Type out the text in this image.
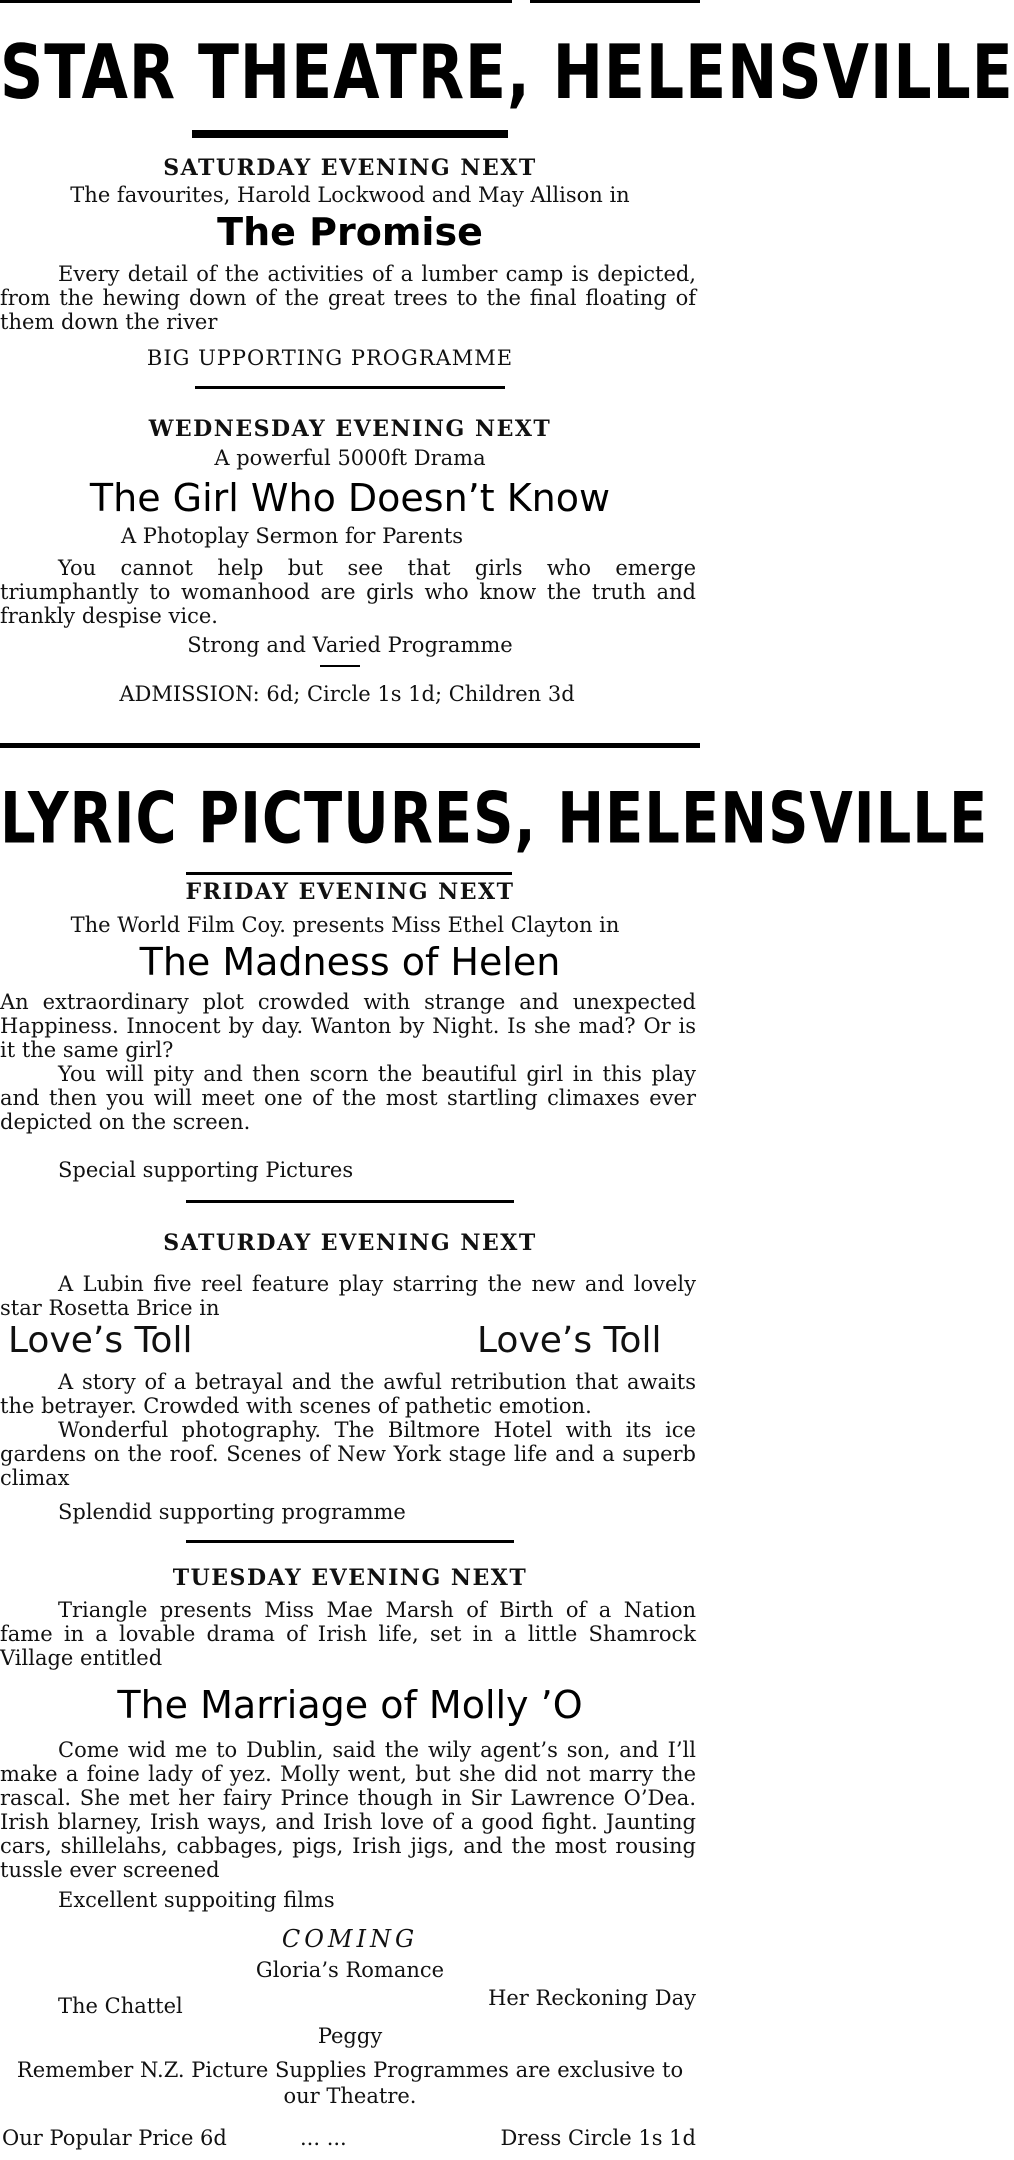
STAR THEATRE, HELENSVILLE
SATURDAY EVENING NEXT
The favourites, Harold Lockwood and May Allison in
The Promise
Every detail of the activities of a lumber camp is depicted, from the hewing down of the great trees to the final floating of them down the river
BIG UPPORTING PROGRAMME
WEDNESDAY EVENING NEXT
A powerful 5000ft Drama
The Girl Who Doesn’t Know
A Photoplay Sermon for Parents
You cannot help but see that girls who emerge triumphantly to womanhood are girls who know the truth and frankly despise vice.
Strong and Varied Programme
ADMISSION: 6d; Circle 1s 1d; Children 3d
LYRIC PICTURES, HELENSVILLE
FRIDAY EVENING NEXT
The World Film Coy. presents Miss Ethel Clayton in
The Madness of Helen

An extraordinary plot crowded with strange and unexpected Happiness. Innocent by day. Wanton by Night. Is she mad? Or is it the same girl?

You will pity and then scorn the beautiful girl in this play and then you will meet one of the most startling climaxes ever depicted on the screen.

Special supporting Pictures
SATURDAY EVENING NEXT
A Lubin five reel feature play starring the new and lovely star Rosetta Brice in
Love’s Toll	Love’s Toll

A story of a betrayal and the awful retribution that awaits the betrayer. Crowded with scenes of pathetic emotion.

Wonderful photography. The Biltmore Hotel with its ice gardens on the roof. Scenes of New York stage life and a superb climax

Splendid supporting programme
TUESDAY EVENING NEXT
Triangle presents Miss Mae Marsh of Birth of a Nation fame in a lovable drama of Irish life, set in a little Shamrock Village entitled
The Marriage of Molly ’O
Come wid me to Dublin, said the wily agent’s son, and I’ll make a foine lady of yez. Molly went, but she did not marry the rascal. She met her fairy Prince though in Sir Lawrence O’Dea. Irish blarney, Irish ways, and Irish love of a good fight. Jaunting cars, shillelahs, cabbages, pigs, Irish jigs, and the most rousing tussle ever screened
Excellent suppoiting films
COMING
Gloria’s Romance
The Chattel	Her Reckoning Day
Peggy
Remember N.Z. Picture Supplies Programmes are exclusive to
our Theatre.
Our Popular Price 6d	... ...	Dress Circle 1s 1d
